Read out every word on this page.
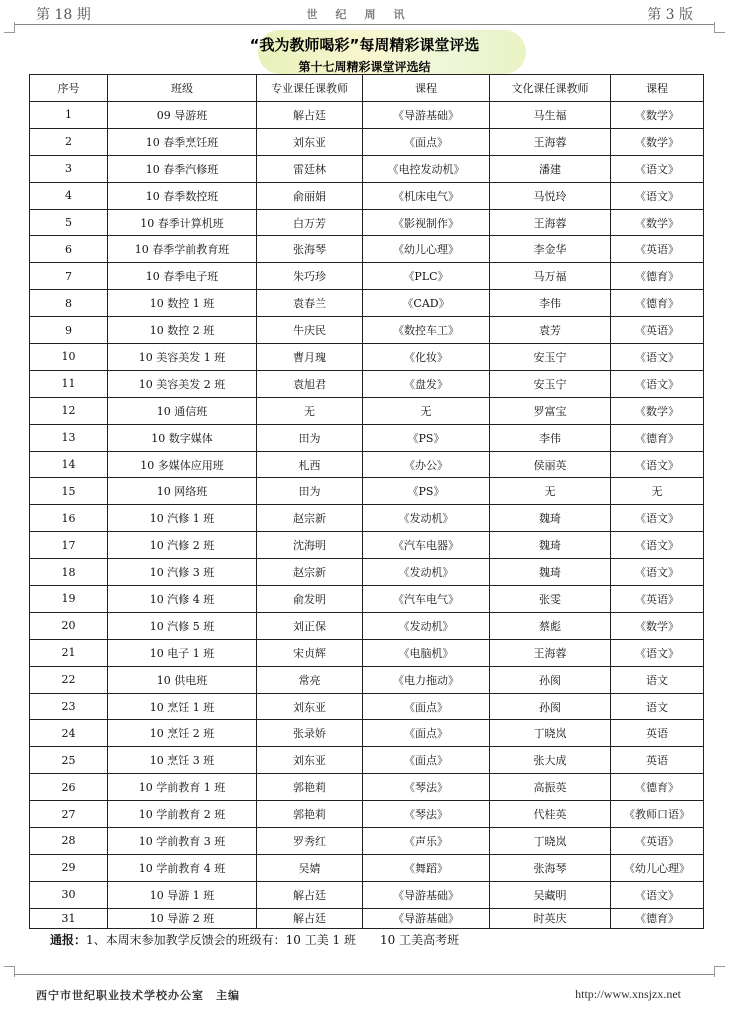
第 18 期	世纪周讯	第 3 版
“我为教师喝彩”每周精彩课堂评选
第十七周精彩课堂评选结
序号	班级	专业课任课教师	课程	文化课任课教师	课程
1	09 导游班	解占廷	《导游基础》	马生福	《数学》
2	10 春季烹饪班	刘东亚	《面点》	王海蓉	《数学》
3	10 春季汽修班	雷廷林	《电控发动机》	潘建	《语文》
4	10 春季数控班	俞丽娟	《机床电气》	马悦玲	《语文》
5	10 春季计算机班	白万芳	《影视制作》	王海蓉	《数学》
6	10 春季学前教育班	张海琴	《幼儿心理》	李金华	《英语》
7	10 春季电子班	朱巧珍	《PLC》	马万福	《德育》
8	10 数控 1 班	袁春兰	《CAD》	李伟	《德育》
9	10 数控 2 班	牛庆民	《数控车工》	袁芳	《英语》
10	10 美容美发 1 班	曹月瑰	《化妆》	安玉宁	《语文》
11	10 美容美发 2 班	袁旭君	《盘发》	安玉宁	《语文》
12	10 通信班	无	无	罗富宝	《数学》
13	10 数字媒体	田为	《PS》	李伟	《德育》
14	10 多媒体应用班	札西	《办公》	侯丽英	《语文》
15	10 网络班	田为	《PS》	无	无
16	10 汽修 1 班	赵宗新	《发动机》	魏琦	《语文》
17	10 汽修 2 班	沈海明	《汽车电器》	魏琦	《语文》
18	10 汽修 3 班	赵宗新	《发动机》	魏琦	《语文》
19	10 汽修 4 班	俞发明	《汽车电气》	张雯	《英语》
20	10 汽修 5 班	刘正保	《发动机》	蔡彪	《数学》
21	10 电子 1 班	宋贞辉	《电脑机》	王海蓉	《语文》
22	10 供电班	常亮	《电力拖动》	孙阂	语文
23	10 烹饪 1 班	刘东亚	《面点》	孙阂	语文
24	10 烹饪 2 班	张录娇	《面点》	丁晓岚	英语
25	10 烹饪 3 班	刘东亚	《面点》	张大成	英语
26	10 学前教育 1 班	郭艳莉	《琴法》	高振英	《德育》
27	10 学前教育 2 班	郭艳莉	《琴法》	代桂英	《教师口语》
28	10 学前教育 3 班	罗秀红	《声乐》	丁晓岚	《英语》
29	10 学前教育 4 班	吴婧	《舞蹈》	张海琴	《幼儿心理》
30	10 导游 1 班	解占廷	《导游基础》	吴藏明	《语文》
31	10 导游 2 班	解占廷	《导游基础》	时英庆	《德育》
通报：1、本周末参加教学反馈会的班级有：10 工美 1 班　　10 工美高考班
西宁市世纪职业技术学校办公室　主编	http://www.xnsjzx.net
